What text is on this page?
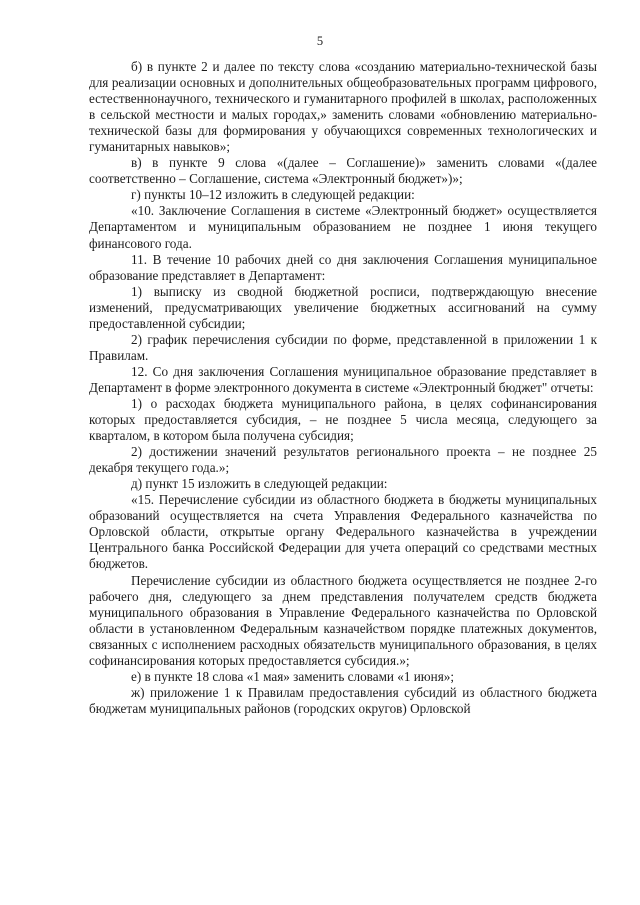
5

б) в пункте 2 и далее по тексту слова «созданию материально-технической базы для реализации основных и дополнительных общеобразовательных программ цифрового, естественнонаучного, технического и гуманитарного профилей в школах, расположенных в сельской местности и малых городах,» заменить словами «обновлению материально-технической базы для формирования у обучающихся современных технологических и гуманитарных навыков»;

в) в пункте 9 слова «(далее – Соглашение)» заменить словами «(далее соответственно – Соглашение, система «Электронный бюджет»)»;

г) пункты 10–12 изложить в следующей редакции:

«10. Заключение Соглашения в системе «Электронный бюджет» осуществляется Департаментом и муниципальным образованием не позднее 1 июня текущего финансового года.

11. В течение 10 рабочих дней со дня заключения Соглашения муниципальное образование представляет в Департамент:

1) выписку из сводной бюджетной росписи, подтверждающую внесение изменений, предусматривающих увеличение бюджетных ассигнований на сумму предоставленной субсидии;

2) график перечисления субсидии по форме, представленной в приложении 1 к Правилам.

12. Со дня заключения Соглашения муниципальное образование представляет в Департамент в форме электронного документа в системе «Электронный бюджет" отчеты:

1) о расходах бюджета муниципального района, в целях софинансирования которых предоставляется субсидия, – не позднее 5 числа месяца, следующего за кварталом, в котором была получена субсидия;

2) достижении значений результатов регионального проекта – не позднее 25 декабря текущего года.»;

д) пункт 15 изложить в следующей редакции:

«15. Перечисление субсидии из областного бюджета в бюджеты муниципальных образований осуществляется на счета Управления Федерального казначейства по Орловской области, открытые органу Федерального казначейства в учреждении Центрального банка Российской Федерации для учета операций со средствами местных бюджетов.

Перечисление субсидии из областного бюджета осуществляется не позднее 2-го рабочего дня, следующего за днем представления получателем средств бюджета муниципального образования в Управление Федерального казначейства по Орловской области в установленном Федеральным казначейством порядке платежных документов, связанных с исполнением расходных обязательств муниципального образования, в целях софинансирования которых предоставляется субсидия.»;

е) в пункте 18 слова «1 мая» заменить словами «1 июня»;

ж) приложение 1 к Правилам предоставления субсидий из областного бюджета бюджетам муниципальных районов (городских округов) Орловской
